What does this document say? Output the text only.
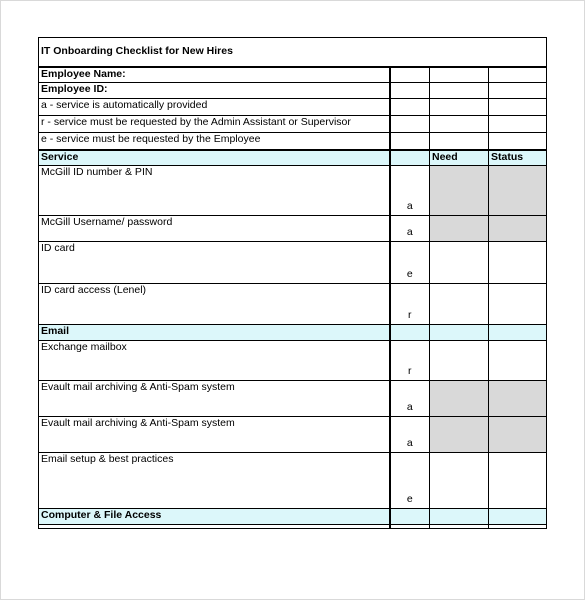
IT Onboarding Checklist for New Hires			
Employee Name:			
Employee ID:			
a - service is automatically provided			
r - service must be requested by the Admin Assistant or Supervisor			
e - service must be requested by the Employee			
Service		Need	Status
McGill ID number & PIN	a		
McGill Username/ password	a		
ID card	e		
ID card access (Lenel)	r		
Email			
Exchange mailbox	r		
Evault mail archiving & Anti-Spam system	a		
Evault mail archiving & Anti-Spam system	a		
Email setup & best practices	e		
Computer & File Access			
